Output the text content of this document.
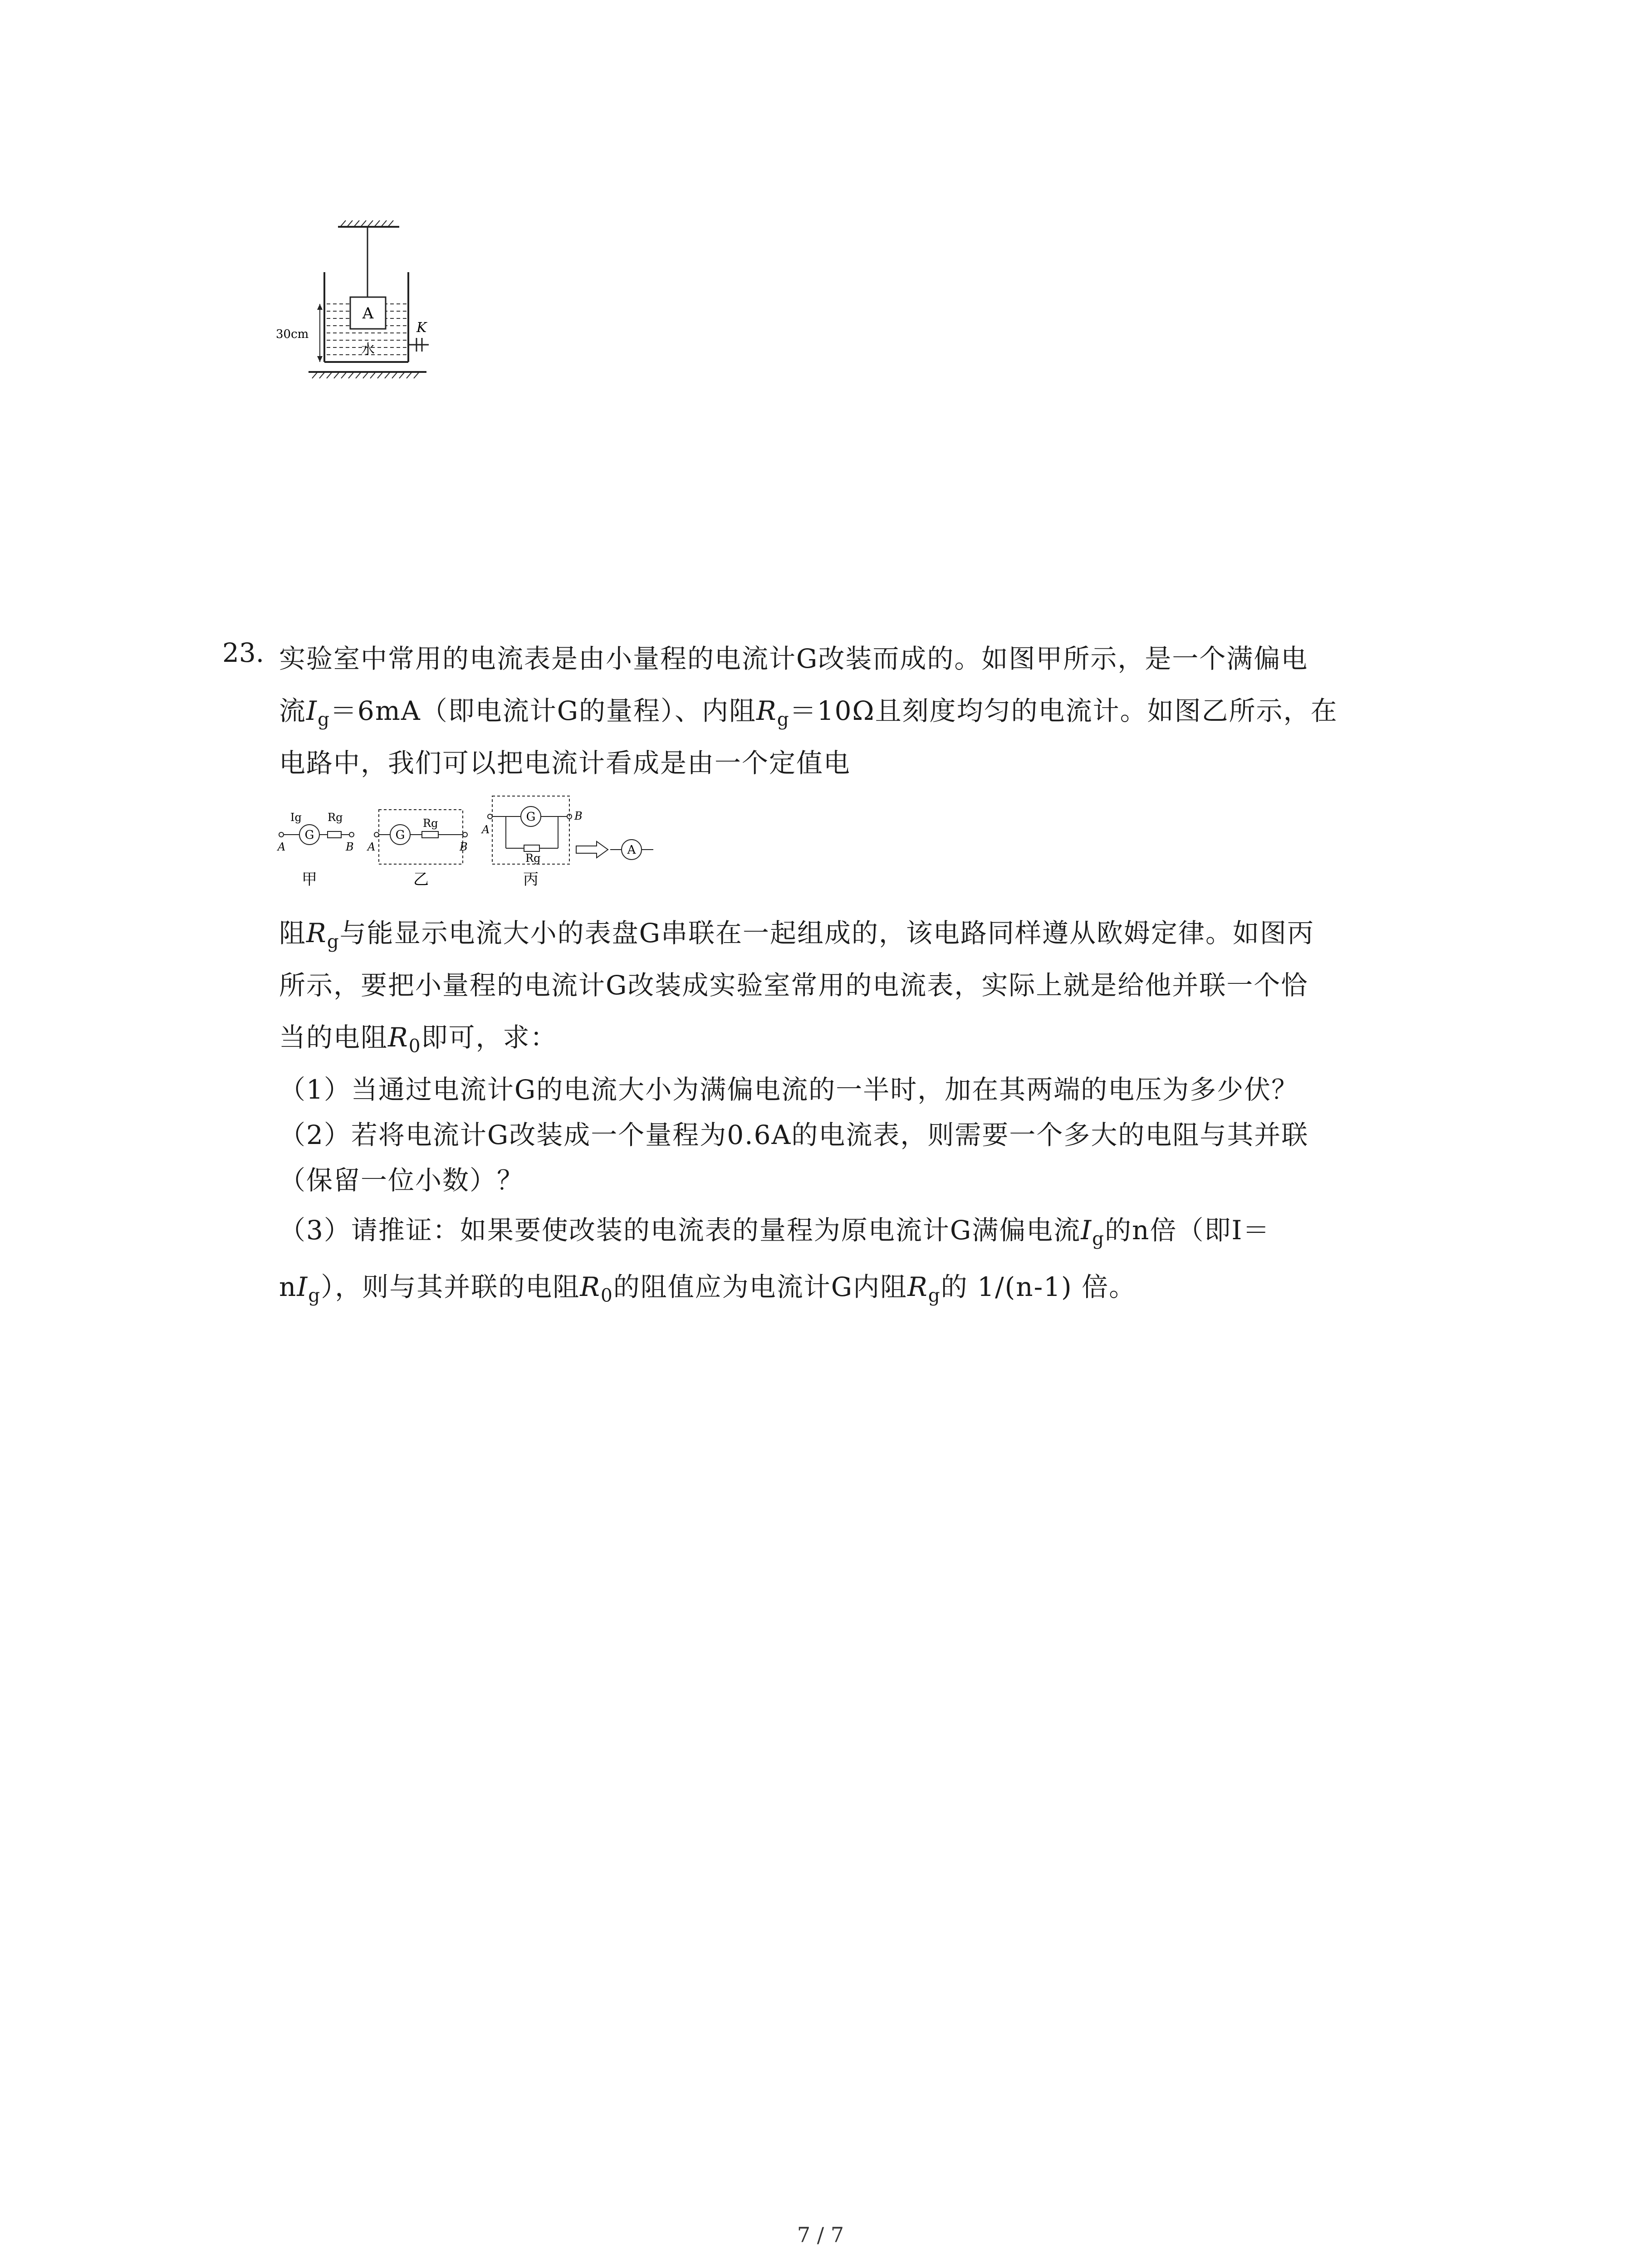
A
水
K
30cm
23. 实验室中常用的电流表是由小量程的电流计G改装而成的。如图甲所示，是一个满偏电
流$I_g=6mA$（即电流计G的量程）、内阻$R_g=10\Omega$且刻度均匀的电流计。如图乙所示，在
电路中，我们可以把电流计看成是由一个定值电
G
Ig Rg
A	B
甲
G
Rg
A	B
乙
G
Rg
A
B
A
丙
阻$R_g$与能显示电流大小的表盘G串联在一起组成的，该电路同样遵从欧姆定律。如图丙
所示，要把小量程的电流计G改装成实验室常用的电流表，实际上就是给他并联一个恰
当的电阻$R_0$即可，求：
（1）当通过电流计G的电流大小为满偏电流的一半时，加在其两端的电压为多少伏？
（2）若将电流计G改装成一个量程为0.6A的电流表，则需要一个多大的电阻与其并联
（保留一位小数）？
（3）请推证：如果要使改装的电流表的量程为原电流计G满偏电流$I_g$的n倍（即I＝
$nI_g$），则与其并联的电阻$R_0$的阻值应为电流计G内阻$R_g$的 1/(n-1) 倍。
7 / 7
